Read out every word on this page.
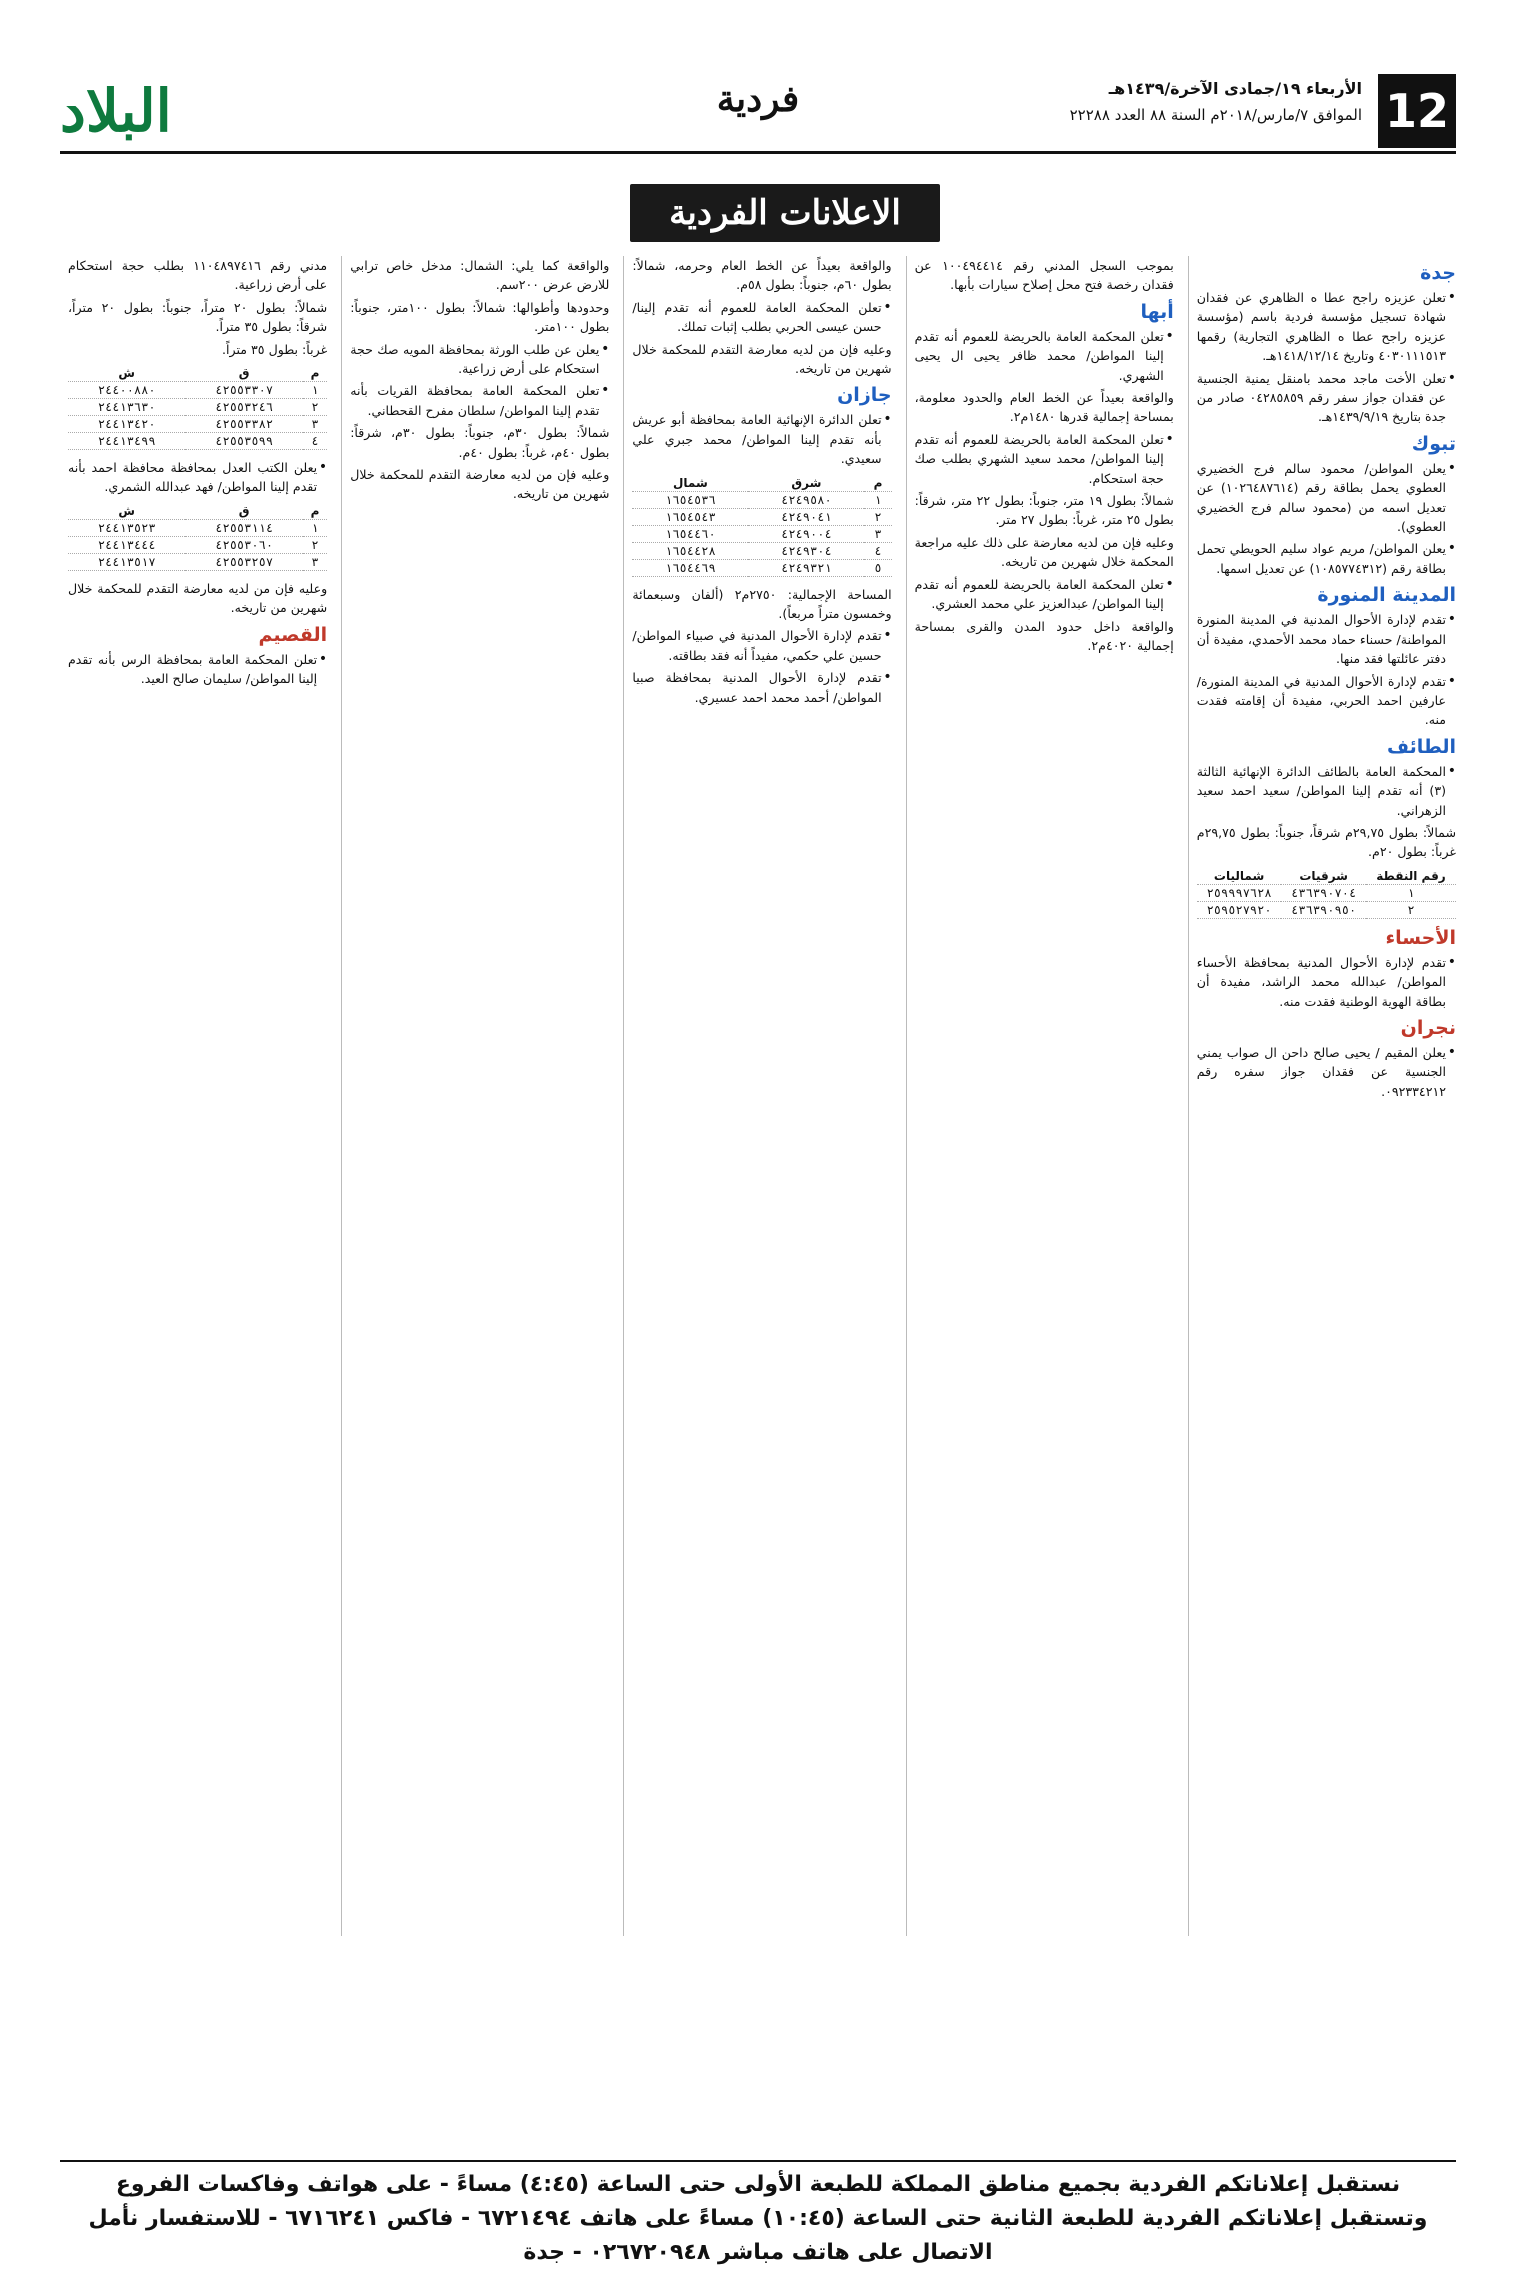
12
الأربعاء ١٩/جمادى الآخرة/١٤٣٩هـ
الموافق ٧/مارس/٢٠١٨م السنة ٨٨ العدد ٢٢٢٨٨
فردية
البلاد
الاعلانات الفردية
جدة

• تعلن عزيزه راجح عطا ه الظاهري عن فقدان شهادة تسجيل مؤسسة فردية باسم (مؤسسة عزيزه راجح عطا ه الظاهري التجارية) رقمها ٤٠٣٠١١١٥١٣ وتاريخ ١٤١٨/١٢/١٤هـ.

• تعلن الأخت ماجد محمد بامنقل يمنية الجنسية عن فقدان جواز سفر رقم ٠٤٢٨٥٨٥٩ صادر من جدة بتاريخ ١٤٣٩/٩/١٩هـ.

تبوك

• يعلن المواطن/ محمود سالم فرج الخضيري العطوي يحمل بطاقة رقم (١٠٢٦٤٨٧٦١٤) عن تعديل اسمه من (محمود سالم فرج الخضيري العطوي).

• يعلن المواطن/ مريم عواد سليم الحويطي تحمل بطاقة رقم (١٠٨٥٧٧٤٣١٢) عن تعديل اسمها.

المدينة المنورة

• تقدم لإدارة الأحوال المدنية في المدينة المنورة المواطنة/ حسناء حماد محمد الأحمدي، مفيدة أن دفتر عائلتها فقد منها.

• تقدم لإدارة الأحوال المدنية في المدينة المنورة/ عارفين احمد الحربي، مفيدة أن إقامته فقدت منه.

الطائف

• المحكمة العامة بالطائف الدائرة الإنهائية الثالثة (٣) أنه تقدم إلينا المواطن/ سعيد احمد سعيد الزهراني.

شمالاً: بطول ٢٩,٧٥م شرقاً، جنوباً: بطول ٢٩,٧٥م غرباً: بطول ٢٠م.

رقم النقطة	شرقيات	شماليات
١	٤٣٦٣٩٠٧٠٤	٢٥٩٩٩٧٦٢٨
٢	٤٣٦٣٩٠٩٥٠	٢٥٩٥٢٧٩٢٠
الأحساء

• تقدم لإدارة الأحوال المدنية بمحافظة الأحساء المواطن/ عبدالله محمد الراشد، مفيدة أن بطاقة الهوية الوطنية فقدت منه.

نجران

• يعلن المقيم / يحيى صالح داحن ال صواب يمني الجنسية عن فقدان جواز سفره رقم ٠٩٢٣٣٤٢١٢.

بموجب السجل المدني رقم ١٠٠٤٩٤٤١٤ عن فقدان رخصة فتح محل إصلاح سيارات بأبها.

أبها

• تعلن المحكمة العامة بالحريضة للعموم أنه تقدم إلينا المواطن/ محمد ظافر يحيى ال يحيى الشهري.

والواقعة بعيداً عن الخط العام والحدود معلومة، بمساحة إجمالية قدرها ١٤٨٠م٢.

• تعلن المحكمة العامة بالحريضة للعموم أنه تقدم إلينا المواطن/ محمد سعيد الشهري بطلب صك حجة استحكام.

شمالاً: بطول ١٩ متر، جنوباً: بطول ٢٢ متر، شرقاً: بطول ٢٥ متر، غرباً: بطول ٢٧ متر.

وعليه فإن من لديه معارضة على ذلك عليه مراجعة المحكمة خلال شهرين من تاريخه.

• تعلن المحكمة العامة بالحريضة للعموم أنه تقدم إلينا المواطن/ عبدالعزيز علي محمد العشري.

والواقعة داخل حدود المدن والقرى بمساحة إجمالية ٤٠٢٠م٢.

والواقعة بعيداً عن الخط العام وحرمه، شمالاً: بطول ٦٠م، جنوباً: بطول ٥٨م.

• تعلن المحكمة العامة للعموم أنه تقدم إلينا/ حسن عيسى الحربي بطلب إثبات تملك.

وعليه فإن من لديه معارضة التقدم للمحكمة خلال شهرين من تاريخه.

جازان

• تعلن الدائرة الإنهائية العامة بمحافظة أبو عريش بأنه تقدم إلينا المواطن/ محمد جبري علي سعيدي.

م	شرق	شمال
١	٤٢٤٩٥٨٠	١٦٥٤٥٣٦
٢	٤٢٤٩٠٤١	١٦٥٤٥٤٣
٣	٤٢٤٩٠٠٤	١٦٥٤٤٦٠
٤	٤٢٤٩٣٠٤	١٦٥٤٤٢٨
٥	٤٢٤٩٣٢١	١٦٥٤٤٦٩

المساحة الإجمالية: ٢٧٥٠م٢ (ألفان وسبعمائة وخمسون متراً مربعاً).

• تقدم لإدارة الأحوال المدنية في صبياء المواطن/ حسين علي حكمي، مفيداً أنه فقد بطاقته.

• تقدم لإدارة الأحوال المدنية بمحافظة صبيا المواطن/ أحمد محمد احمد عسيري.

والواقعة كما يلي: الشمال: مدخل خاص ترابي للارض عرض ٢٠٠سم.

وحدودها وأطوالها: شمالاً: بطول ١٠٠متر، جنوباً: بطول ١٠٠متر.

• يعلن عن طلب الورثة بمحافظة المويه صك حجة استحكام على أرض زراعية.

• تعلن المحكمة العامة بمحافظة القريات بأنه تقدم إلينا المواطن/ سلطان مفرح القحطاني.

شمالاً: بطول ٣٠م، جنوباً: بطول ٣٠م، شرقاً: بطول ٤٠م، غرباً: بطول ٤٠م.

وعليه فإن من لديه معارضة التقدم للمحكمة خلال شهرين من تاريخه.

مدني رقم ١١٠٤٨٩٧٤١٦ بطلب حجة استحكام على أرض زراعية.

شمالاً: بطول ٢٠ متراً، جنوباً: بطول ٢٠ متراً، شرقاً: بطول ٣٥ متراً.

غرباً: بطول ٣٥ متراً.

م	ق	ش
١	٤٢٥٥٣٣٠٧	٢٤٤٠٠٨٨٠
٢	٤٢٥٥٣٢٤٦	٢٤٤١٣٦٣٠
٣	٤٢٥٥٣٣٨٢	٢٤٤١٣٤٢٠
٤	٤٢٥٥٣٥٩٩	٢٤٤١٣٤٩٩

• يعلن الكتب العدل بمحافظة محافظة احمد بأنه تقدم إلينا المواطن/ فهد عبدالله الشمري.

م	ق	ش
١	٤٢٥٥٣١١٤	٢٤٤١٣٥٢٣
٢	٤٢٥٥٣٠٦٠	٢٤٤١٣٤٤٤
٣	٤٢٥٥٣٢٥٧	٢٤٤١٣٥١٧

وعليه فإن من لديه معارضة التقدم للمحكمة خلال شهرين من تاريخه.

القصيم

• تعلن المحكمة العامة بمحافظة الرس بأنه تقدم إلينا المواطن/ سليمان صالح العيد.

نستقبل إعلاناتكم الفردية بجميع مناطق المملكة للطبعة الأولى حتى الساعة (٤:٤٥) مساءً - على هواتف وفاكسات الفروع
وتستقبل إعلاناتكم الفردية للطبعة الثانية حتى الساعة (١٠:٤٥) مساءً على هاتف ٦٧٢١٤٩٤ - فاكس ٦٧١٦٢٤١ - للاستفسار نأمل الاتصال على هاتف مباشر ٠٢٦٧٢٠٩٤٨ - جدة
